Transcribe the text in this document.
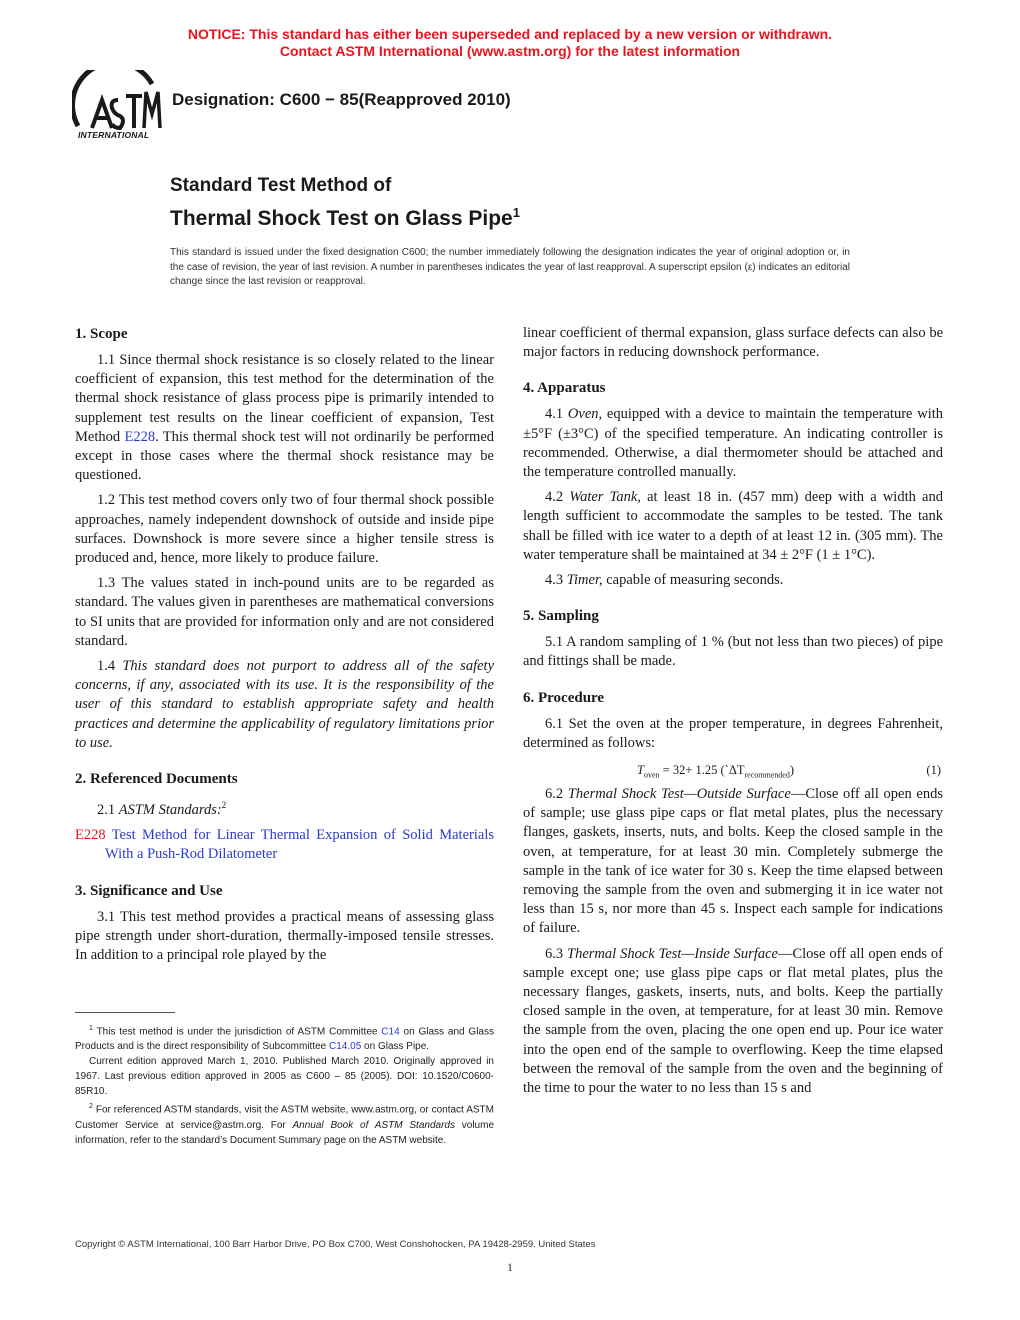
NOTICE: This standard has either been superseded and replaced by a new version or withdrawn.
Contact ASTM International (www.astm.org) for the latest information
INTERNATIONAL
Designation: C600 − 85(Reapproved 2010)
Standard Test Method of
Thermal Shock Test on Glass Pipe$^1$
This standard is issued under the fixed designation C600; the number immediately following the designation indicates the year of original adoption or, in the case of revision, the year of last revision. A number in parentheses indicates the year of last reapproval. A superscript epsilon (ε) indicates an editorial change since the last revision or reapproval.
1. Scope

1.1 Since thermal shock resistance is so closely related to the linear coefficient of expansion, this test method for the determination of the thermal shock resistance of glass process pipe is primarily intended to supplement test results on the linear coefficient of expansion, Test Method E228. This thermal shock test will not ordinarily be performed except in those cases where the thermal shock resistance may be questioned.

1.2 This test method covers only two of four thermal shock possible approaches, namely independent downshock of outside and inside pipe surfaces. Downshock is more severe since a higher tensile stress is produced and, hence, more likely to produce failure.

1.3 The values stated in inch-pound units are to be regarded as standard. The values given in parentheses are mathematical conversions to SI units that are provided for information only and are not considered standard.

1.4 This standard does not purport to address all of the safety concerns, if any, associated with its use. It is the responsibility of the user of this standard to establish appropriate safety and health practices and determine the applicability of regulatory limitations prior to use.

2. Referenced Documents

2.1 ASTM Standards:$^2$

E228 Test Method for Linear Thermal Expansion of Solid Materials With a Push-Rod Dilatometer

3. Significance and Use

3.1 This test method provides a practical means of assessing glass pipe strength under short-duration, thermally-imposed tensile stresses. In addition to a principal role played by the

$^1$ This test method is under the jurisdiction of ASTM Committee C14 on Glass and Glass Products and is the direct responsibility of Subcommittee C14.05 on Glass Pipe.

Current edition approved March 1, 2010. Published March 2010. Originally approved in 1967. Last previous edition approved in 2005 as C600 – 85 (2005). DOI: 10.1520/C0600-85R10.

$^2$ For referenced ASTM standards, visit the ASTM website, www.astm.org, or contact ASTM Customer Service at service@astm.org. For Annual Book of ASTM Standards volume information, refer to the standard’s Document Summary page on the ASTM website.

linear coefficient of thermal expansion, glass surface defects can also be major factors in reducing downshock performance.

4. Apparatus

4.1 Oven, equipped with a device to maintain the temperature with ±5°F (±3°C) of the specified temperature. An indicating controller is recommended. Otherwise, a dial thermometer should be attached and the temperature controlled manually.

4.2 Water Tank, at least 18 in. (457 mm) deep with a width and length sufficient to accommodate the samples to be tested. The tank shall be filled with ice water to a depth of at least 12 in. (305 mm). The water temperature shall be maintained at 34 ± 2°F (1 ± 1°C).

4.3 Timer, capable of measuring seconds.

5. Sampling

5.1 A random sampling of 1 % (but not less than two pieces) of pipe and fittings shall be made.

6. Procedure

6.1 Set the oven at the proper temperature, in degrees Fahrenheit, determined as follows:

$T_{oven} = 32+ 1.25$ $(`\Delta T_{recommended})$	(1)

6.2 Thermal Shock Test—Outside Surface—Close off all open ends of sample; use glass pipe caps or flat metal plates, plus the necessary flanges, gaskets, inserts, nuts, and bolts. Keep the closed sample in the oven, at temperature, for at least 30 min. Completely submerge the sample in the tank of ice water for 30 s. Keep the time elapsed between removing the sample from the oven and submerging it in ice water not less than 15 s, nor more than 45 s. Inspect each sample for indications of failure.

6.3 Thermal Shock Test—Inside Surface—Close off all open ends of sample except one; use glass pipe caps or flat metal plates, plus the necessary flanges, gaskets, inserts, nuts, and bolts. Keep the partially closed sample in the oven, at temperature, for at least 30 min. Remove the sample from the oven, placing the one open end up. Pour ice water into the open end of the sample to overflowing. Keep the time elapsed between the removal of the sample from the oven and the beginning of the time to pour the water to no less than 15 s and

Copyright © ASTM International, 100 Barr Harbor Drive, PO Box C700, West Conshohocken, PA 19428-2959. United States
1
